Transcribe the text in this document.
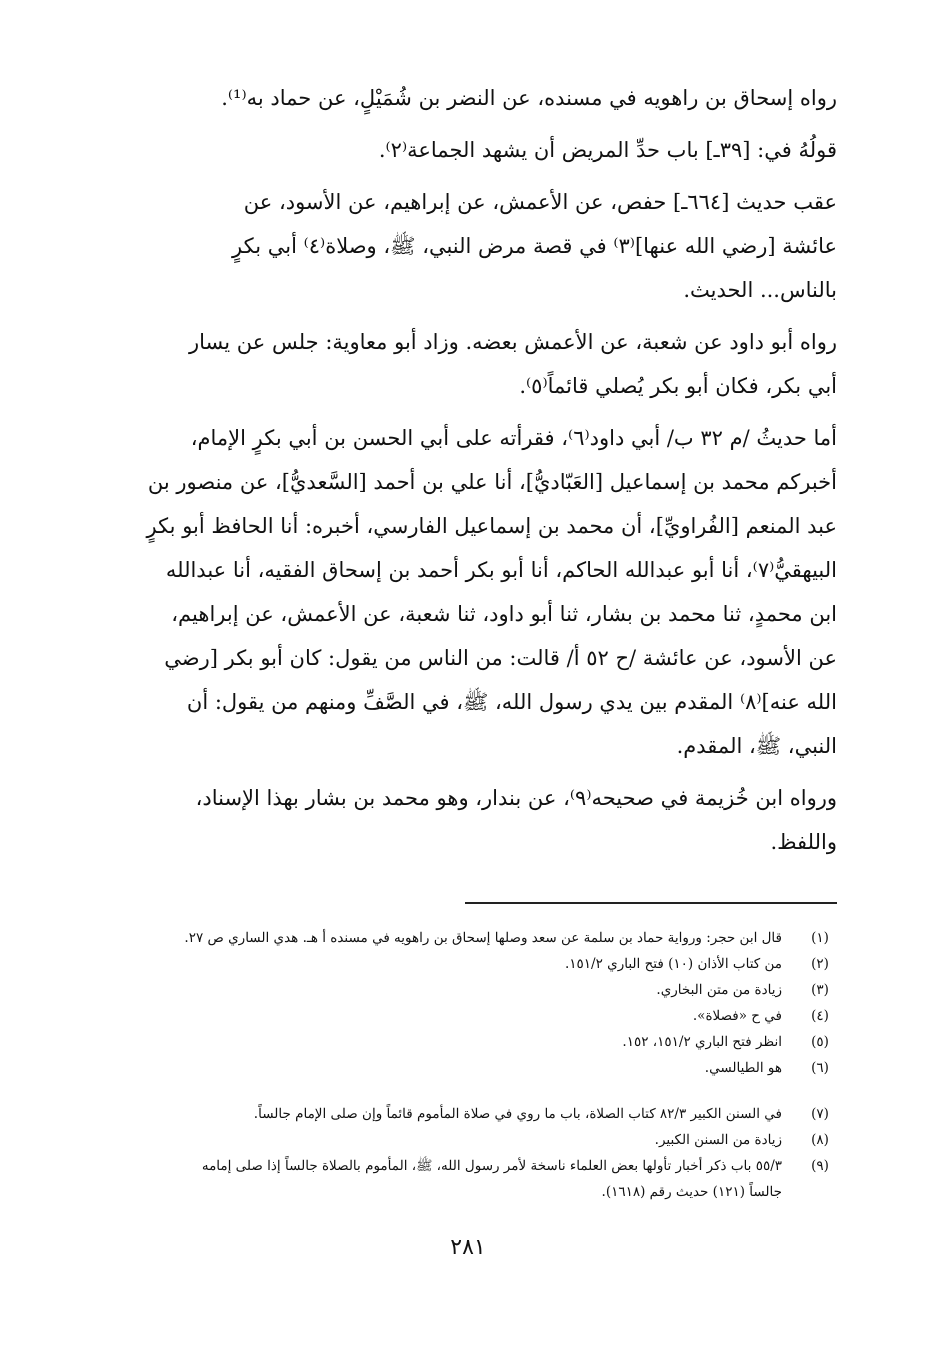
رواه إسحاق بن راهويه في مسنده، عن النضر بن شُمَيْلٍ، عن حماد به⁽¹⁾.
قولُهُ في: [٣٩ـ] باب حدِّ المريض أن يشهد الجماعة⁽٢⁾.
عقب حديث [٦٦٤ـ] حفص، عن الأعمش، عن إبراهيم، عن الأسود، عن
عائشة [رضي الله عنها]⁽٣⁾ في قصة مرض النبي، ﷺ، وصلاة⁽٤⁾ أبي بكرٍ
بالناس... الحديث.
رواه أبو داود عن شعبة، عن الأعمش بعضه. وزاد أبو معاوية: جلس عن يسار
أبي بكر، فكان أبو بكر يُصلي قائماً⁽٥⁾.
أما حديثُ /م ٣٢ ب/ أبي داود⁽٦⁾، فقرأته على أبي الحسن بن أبي بكرٍ الإمام،
أخبركم محمد بن إسماعيل [العَبّاديُّ]، أنا علي بن أحمد [السَّعديُّ]، عن منصور بن
عبد المنعم [الفُراويِّ]، أن محمد بن إسماعيل الفارسي، أخبره: أنا الحافظ أبو بكرٍ
البيهقيُّ⁽٧⁾، أنا أبو عبدالله الحاكم، أنا أبو بكر أحمد بن إسحاق الفقيه، أنا عبدالله
ابن محمدٍ، ثنا محمد بن بشار، ثنا أبو داود، ثنا شعبة، عن الأعمش، عن إبراهيم،
عن الأسود، عن عائشة /ح ٥٢ أ/ قالت: من الناس من يقول: كان أبو بكر [رضي
الله عنه]⁽٨⁾ المقدم بين يدي رسول الله، ﷺ، في الصَّفِّ ومنهم من يقول: أن
النبي، ﷺ، المقدم.
ورواه ابن خُزيمة في صحيحه⁽٩⁾، عن بندار، وهو محمد بن بشار بهذا الإسناد،
واللفظ.
(١)
قال ابن حجر: ورواية حماد بن سلمة عن سعد وصلها إسحاق بن راهويه في مسنده أ هـ. هدي الساري ص ٢٧.
(٢)
من كتاب الأذان (١٠) فتح الباري ١٥١/٢.
(٣)
زيادة من متن البخاري.
(٤)
في ح «فصلاة».
(٥)
انظر فتح الباري ١٥١/٢، ١٥٢.
(٦)
هو الطيالسي.
(٧)
في السنن الكبير ٨٢/٣ كتاب الصلاة، باب ما روي في صلاة المأموم قائماً وإن صلى الإمام جالساً.
(٨)
زيادة من السنن الكبير.
(٩)
٥٥/٣ باب ذكر أخبار تأولها بعض العلماء ناسخة لأمر رسول الله، ﷺ، المأموم بالصلاة جالساً إذا صلى إمامه
جالساً (١٢١) حديث رقم (١٦١٨).
٢٨١
